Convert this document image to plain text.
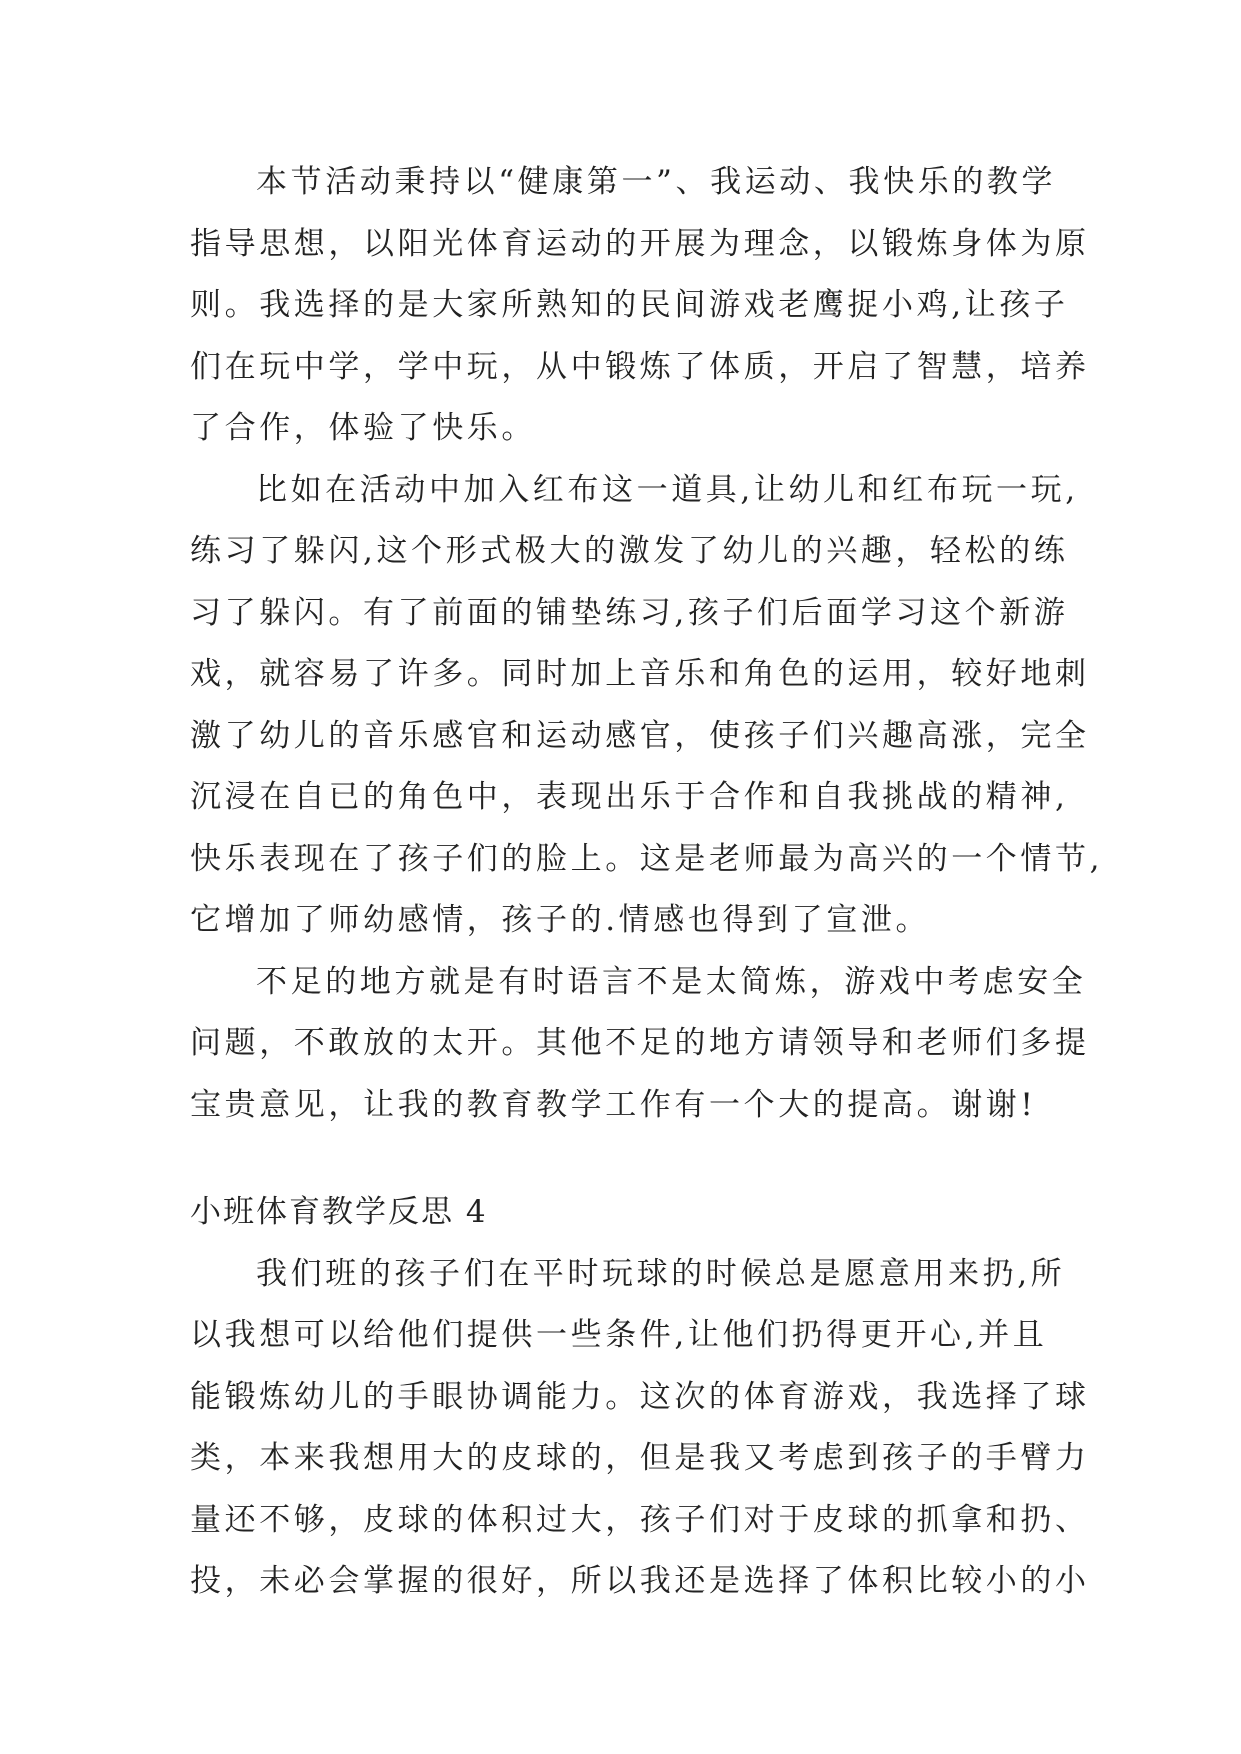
本节活动秉持以“健康第一”、我运动、我快乐的教学
指导思想，以阳光体育运动的开展为理念，以锻炼身体为原
则。我选择的是大家所熟知的民间游戏老鹰捉小鸡,让孩子
们在玩中学，学中玩，从中锻炼了体质，开启了智慧，培养
了合作，体验了快乐。
比如在活动中加入红布这一道具,让幼儿和红布玩一玩,
练习了躲闪,这个形式极大的激发了幼儿的兴趣，轻松的练
习了躲闪。有了前面的铺垫练习,孩子们后面学习这个新游
戏，就容易了许多。同时加上音乐和角色的运用，较好地刺
激了幼儿的音乐感官和运动感官，使孩子们兴趣高涨，完全
沉浸在自已的角色中，表现出乐于合作和自我挑战的精神,
快乐表现在了孩子们的脸上。这是老师最为高兴的一个情节,
它增加了师幼感情，孩子的.情感也得到了宣泄。
不足的地方就是有时语言不是太简炼，游戏中考虑安全
问题，不敢放的太开。其他不足的地方请领导和老师们多提
宝贵意见，让我的教育教学工作有一个大的提高。谢谢!
小班体育教学反思 4
我们班的孩子们在平时玩球的时候总是愿意用来扔,所
以我想可以给他们提供一些条件,让他们扔得更开心,并且
能锻炼幼儿的手眼协调能力。这次的体育游戏，我选择了球
类，本来我想用大的皮球的，但是我又考虑到孩子的手臂力
量还不够，皮球的体积过大，孩子们对于皮球的抓拿和扔、
投，未必会掌握的很好，所以我还是选择了体积比较小的小
